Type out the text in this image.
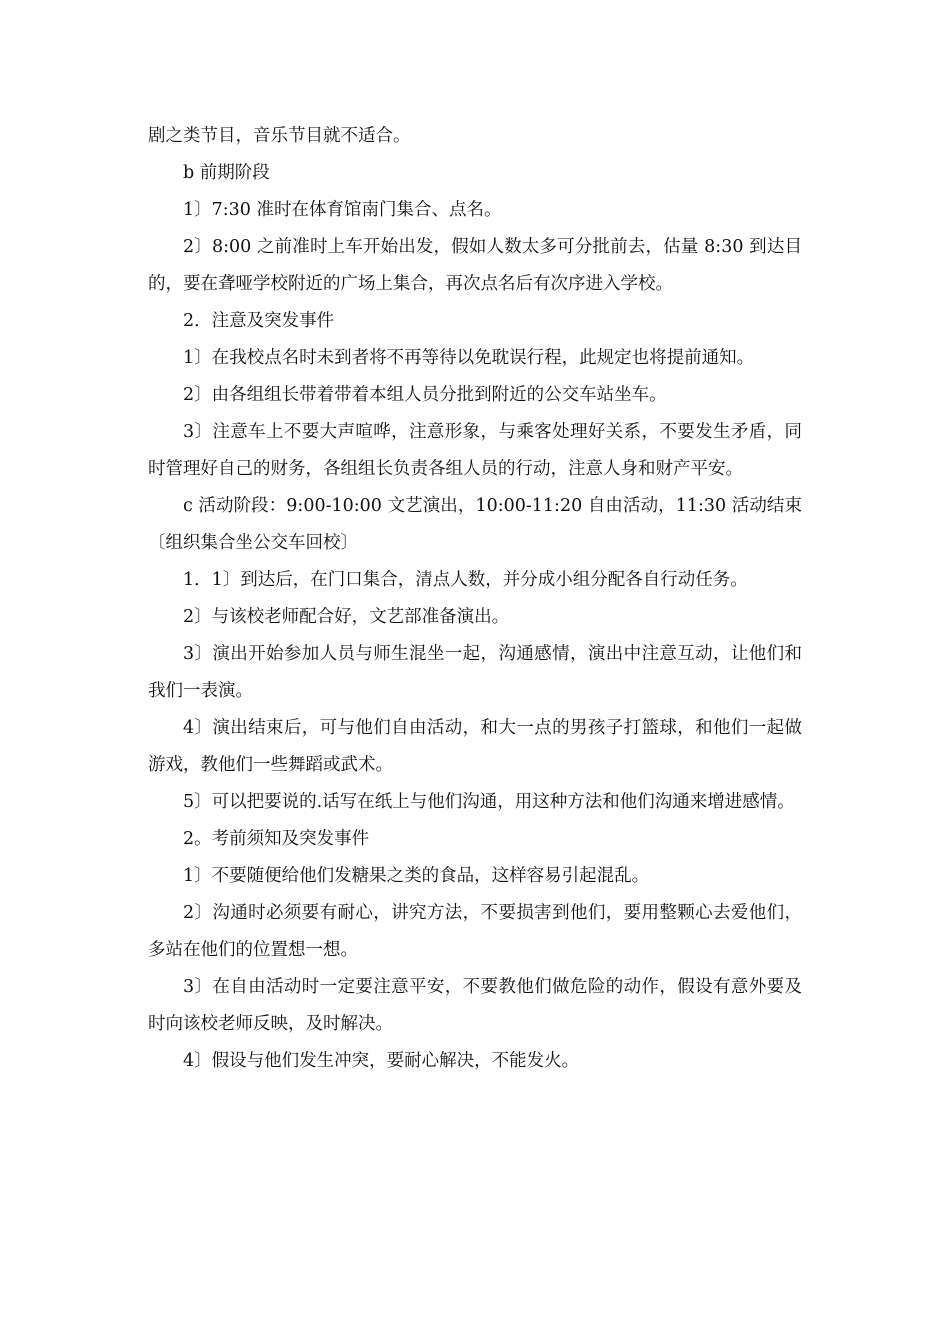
剧之类节目，音乐节目就不适合。

b 前期阶段

1〕7:30 准时在体育馆南门集合、点名。

2〕8:00 之前准时上车开始出发，假如人数太多可分批前去，估量 8:30 到达目的，要在聋哑学校附近的广场上集合，再次点名后有次序进入学校。

2．注意及突发事件

1〕在我校点名时未到者将不再等待以免耽误行程，此规定也将提前通知。

2〕由各组组长带着带着本组人员分批到附近的公交车站坐车。

3〕注意车上不要大声喧哗，注意形象，与乘客处理好关系，不要发生矛盾，同时管理好自己的财务，各组组长负责各组人员的行动，注意人身和财产平安。

c 活动阶段：9:00-10:00 文艺演出，10:00-11:20 自由活动，11:30 活动结束〔组织集合坐公交车回校〕

1．1〕到达后，在门口集合，清点人数，并分成小组分配各自行动任务。

2〕与该校老师配合好，文艺部准备演出。

3〕演出开始参加人员与师生混坐一起，沟通感情，演出中注意互动，让他们和我们一表演。

4〕演出结束后，可与他们自由活动，和大一点的男孩子打篮球，和他们一起做游戏，教他们一些舞蹈或武术。

5〕可以把要说的.话写在纸上与他们沟通，用这种方法和他们沟通来增进感情。

2。考前须知及突发事件

1〕不要随便给他们发糖果之类的食品，这样容易引起混乱。

2〕沟通时必须要有耐心，讲究方法，不要损害到他们，要用整颗心去爱他们，多站在他们的位置想一想。

3〕在自由活动时一定要注意平安，不要教他们做危险的动作，假设有意外要及时向该校老师反映，及时解决。

4〕假设与他们发生冲突，要耐心解决，不能发火。
